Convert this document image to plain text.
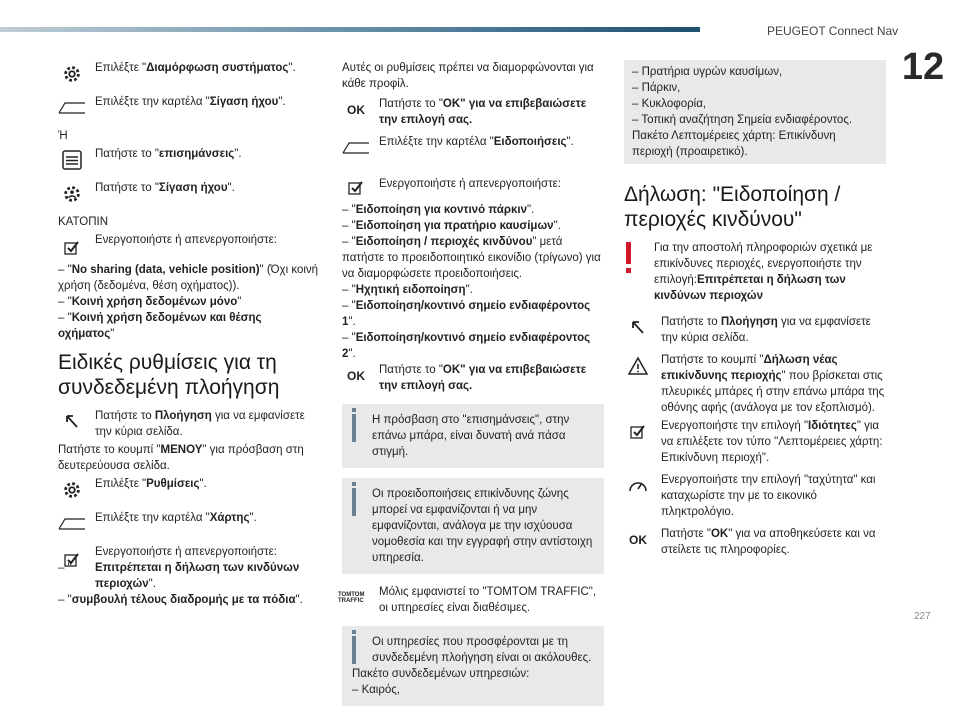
PEUGEOT Connect Nav
12
227

Επιλέξτε "Διαμόρφωση συστήματος".

Επιλέξτε την καρτέλα "Σίγαση ήχου".

Ή

Πατήστε το "επισημάνσεις".

Πατήστε το "Σίγαση ήχου".

ΚΑΤΟΠΙΝ

Ενεργοποιήστε ή απενεργοποιήστε:

– "No sharing (data, vehicle position)" (Όχι κοινή χρήση (δεδομένα, θέση οχήματος)).

– "Κοινή χρήση δεδομένων μόνο"

– "Κοινή χρήση δεδομένων και θέσης οχήματος"

Ειδικές ρυθμίσεις για τη συνδεδεμένη πλοήγηση

Πατήστε το Πλοήγηση για να εμφανίσετε την κύρια σελίδα.

Πατήστε το κουμπί "ΜΕΝΟΥ" για πρόσβαση στη δευτερεύουσα σελίδα.

Επιλέξτε "Ρυθμίσεις".

Επιλέξτε την καρτέλα "Χάρτης".

Ενεργοποιήστε ή απενεργοποιήστε:

– " Επιτρέπεται η δήλωση των κινδύνων περιοχών".

– "συμβουλή τέλους διαδρομής με τα πόδια".

Αυτές οι ρυθμίσεις πρέπει να διαμορφώνονται για κάθε προφίλ.

OK	Πατήστε το "OK" για να επιβεβαιώσετε την επιλογή σας.

Επιλέξτε την καρτέλα "Ειδοποιήσεις".

Ενεργοποιήστε ή απενεργοποιήστε:

– "Ειδοποίηση για κοντινό πάρκιν".

– "Ειδοποίηση για πρατήριο καυσίμων".

– "Ειδοποίηση / περιοχές κινδύνου" μετά πατήστε το προειδοποιητικό εικονίδιο (τρίγωνο) για να διαμορφώσετε προειδοποιήσεις.

– "Ηχητική ειδοποίηση".

– "Ειδοποίηση/κοντινό σημείο ενδιαφέροντος 1".

– "Ειδοποίηση/κοντινό σημείο ενδιαφέροντος 2".

OK	Πατήστε το "OK" για να επιβεβαιώσετε την επιλογή σας.

Η πρόσβαση στο "επισημάνσεις", στην επάνω μπάρα, είναι δυνατή ανά πάσα στιγμή.

Οι προειδοποιήσεις επικίνδυνης ζώνης μπορεί να εμφανίζονται ή να μην εμφανίζονται, ανάλογα με την ισχύουσα νομοθεσία και την εγγραφή στην αντίστοιχη υπηρεσία.

TOMTOM TRAFFIC

Μόλις εμφανιστεί το "TOMTOM TRAFFIC", οι υπηρεσίες είναι διαθέσιμες.

Οι υπηρεσίες που προσφέρονται με τη συνδεδεμένη πλοήγηση είναι οι ακόλουθες.

Πακέτο συνδεδεμένων υπηρεσιών:

– Καιρός,

– Πρατήρια υγρών καυσίμων,

– Πάρκιν,

– Κυκλοφορία,

– Τοπική αναζήτηση Σημεία ενδιαφέροντος.

Πακέτο Λεπτομέρειες χάρτη: Επικίνδυνη περιοχή (προαιρετικό).

Δήλωση: "Ειδοποίηση / περιοχές κινδύνου"

Για την αποστολή πληροφοριών σχετικά με επικίνδυνες περιοχές, ενεργοποιήστε την επιλογή:Επιτρέπεται η δήλωση των κινδύνων περιοχών

Πατήστε το Πλοήγηση για να εμφανίσετε την κύρια σελίδα.

Πατήστε το κουμπί "Δήλωση νέας επικίνδυνης περιοχής" που βρίσκεται στις πλευρικές μπάρες ή στην επάνω μπάρα της οθόνης αφής (ανάλογα με τον εξοπλισμό).

Ενεργοποιήστε την επιλογή "Ιδιότητες" για να επιλέξετε τον τύπο "Λεπτομέρειες χάρτη: Επικίνδυνη περιοχή".

Ενεργοποιήστε την επιλογή "ταχύτητα" και καταχωρίστε την με το εικονικό πληκτρολόγιο.

OK	Πατήστε "OK" για να αποθηκεύσετε και να στείλετε τις πληροφορίες.
